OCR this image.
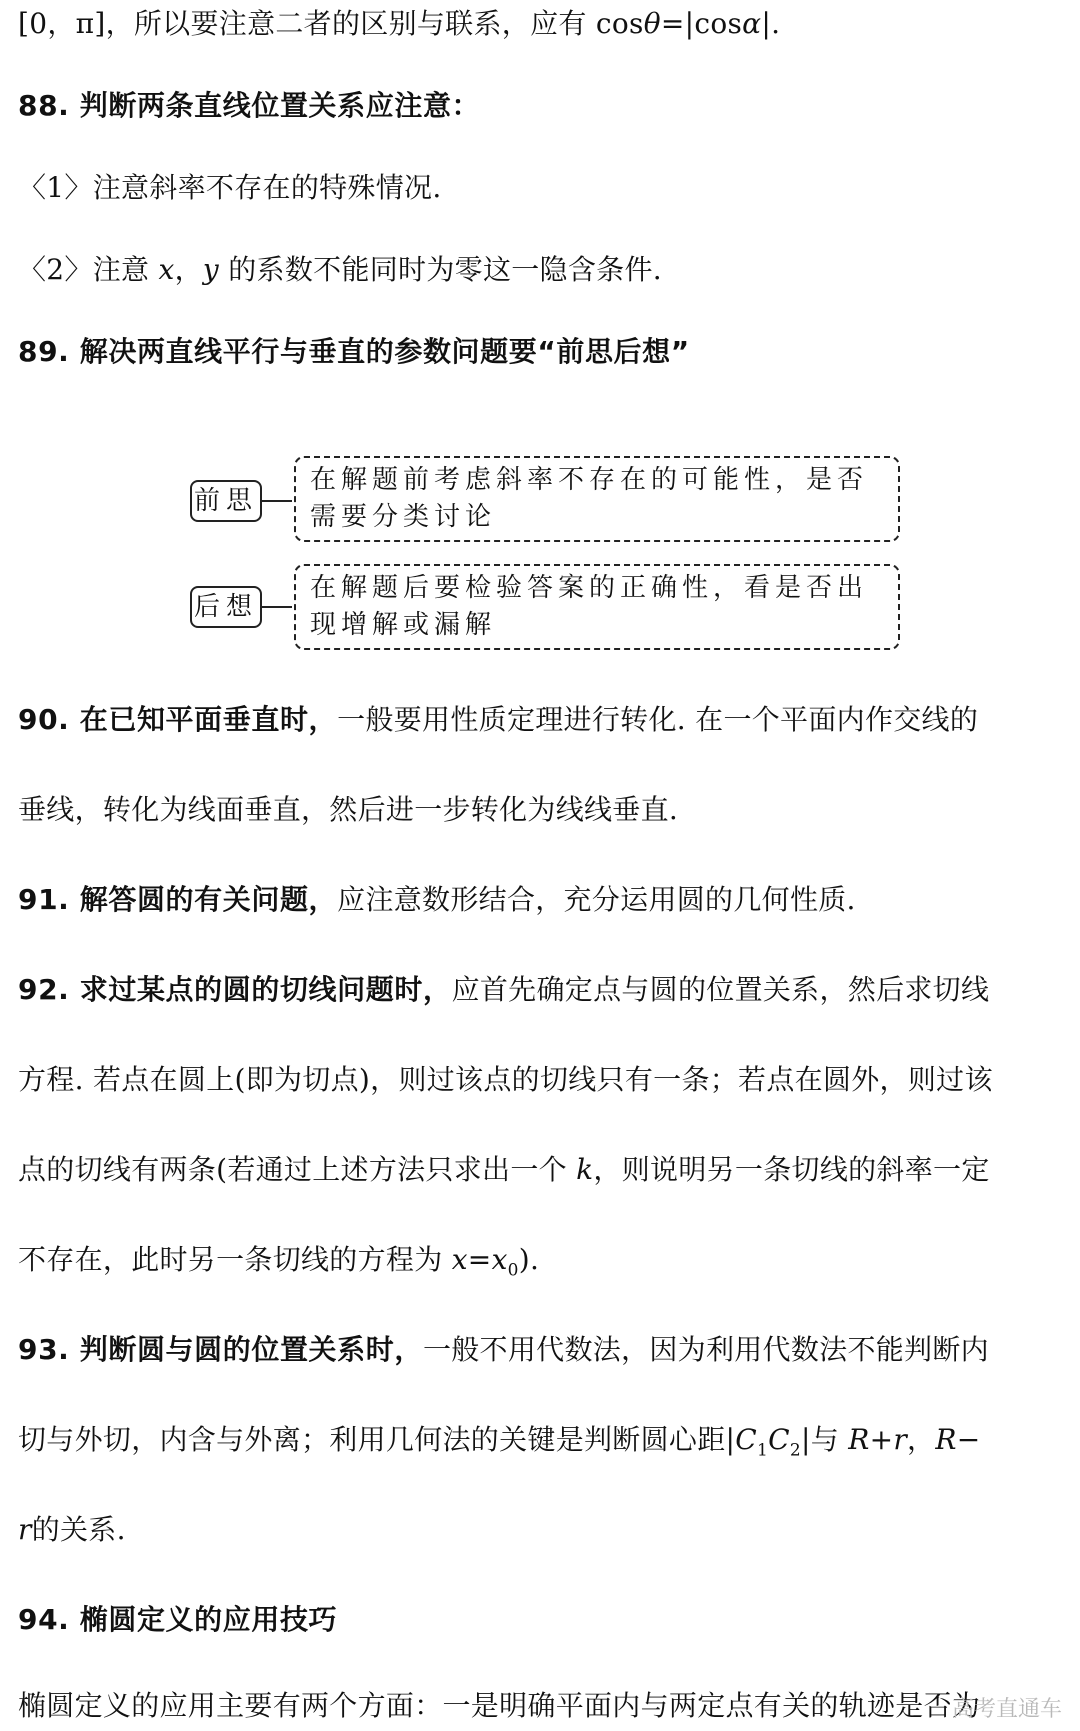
[0，π]，所以要注意二者的区别与联系，应有 cosθ=|cosα|.
88. 判断两条直线位置关系应注意：
〈1〉注意斜率不存在的特殊情况.
〈2〉注意 x，y 的系数不能同时为零这一隐含条件.
89. 解决两直线平行与垂直的参数问题要“前思后想”
前思
在解题前考虑斜率不存在的可能性，是否需要分类讨论
后想
在解题后要检验答案的正确性，看是否出现增解或漏解
90. 在已知平面垂直时，一般要用性质定理进行转化. 在一个平面内作交线的
垂线，转化为线面垂直，然后进一步转化为线线垂直.
91. 解答圆的有关问题，应注意数形结合，充分运用圆的几何性质.
92. 求过某点的圆的切线问题时，应首先确定点与圆的位置关系，然后求切线
方程. 若点在圆上(即为切点)，则过该点的切线只有一条；若点在圆外，则过该
点的切线有两条(若通过上述方法只求出一个 k，则说明另一条切线的斜率一定
不存在，此时另一条切线的方程为 $x=x_0$).
93. 判断圆与圆的位置关系时，一般不用代数法，因为利用代数法不能判断内
切与外切，内含与外离；利用几何法的关键是判断圆心距$|C_1C_2|$与 R+r，R−
r的关系.
94. 椭圆定义的应用技巧
椭圆定义的应用主要有两个方面：一是明确平面内与两定点有关的轨迹是否为
高考直通车
